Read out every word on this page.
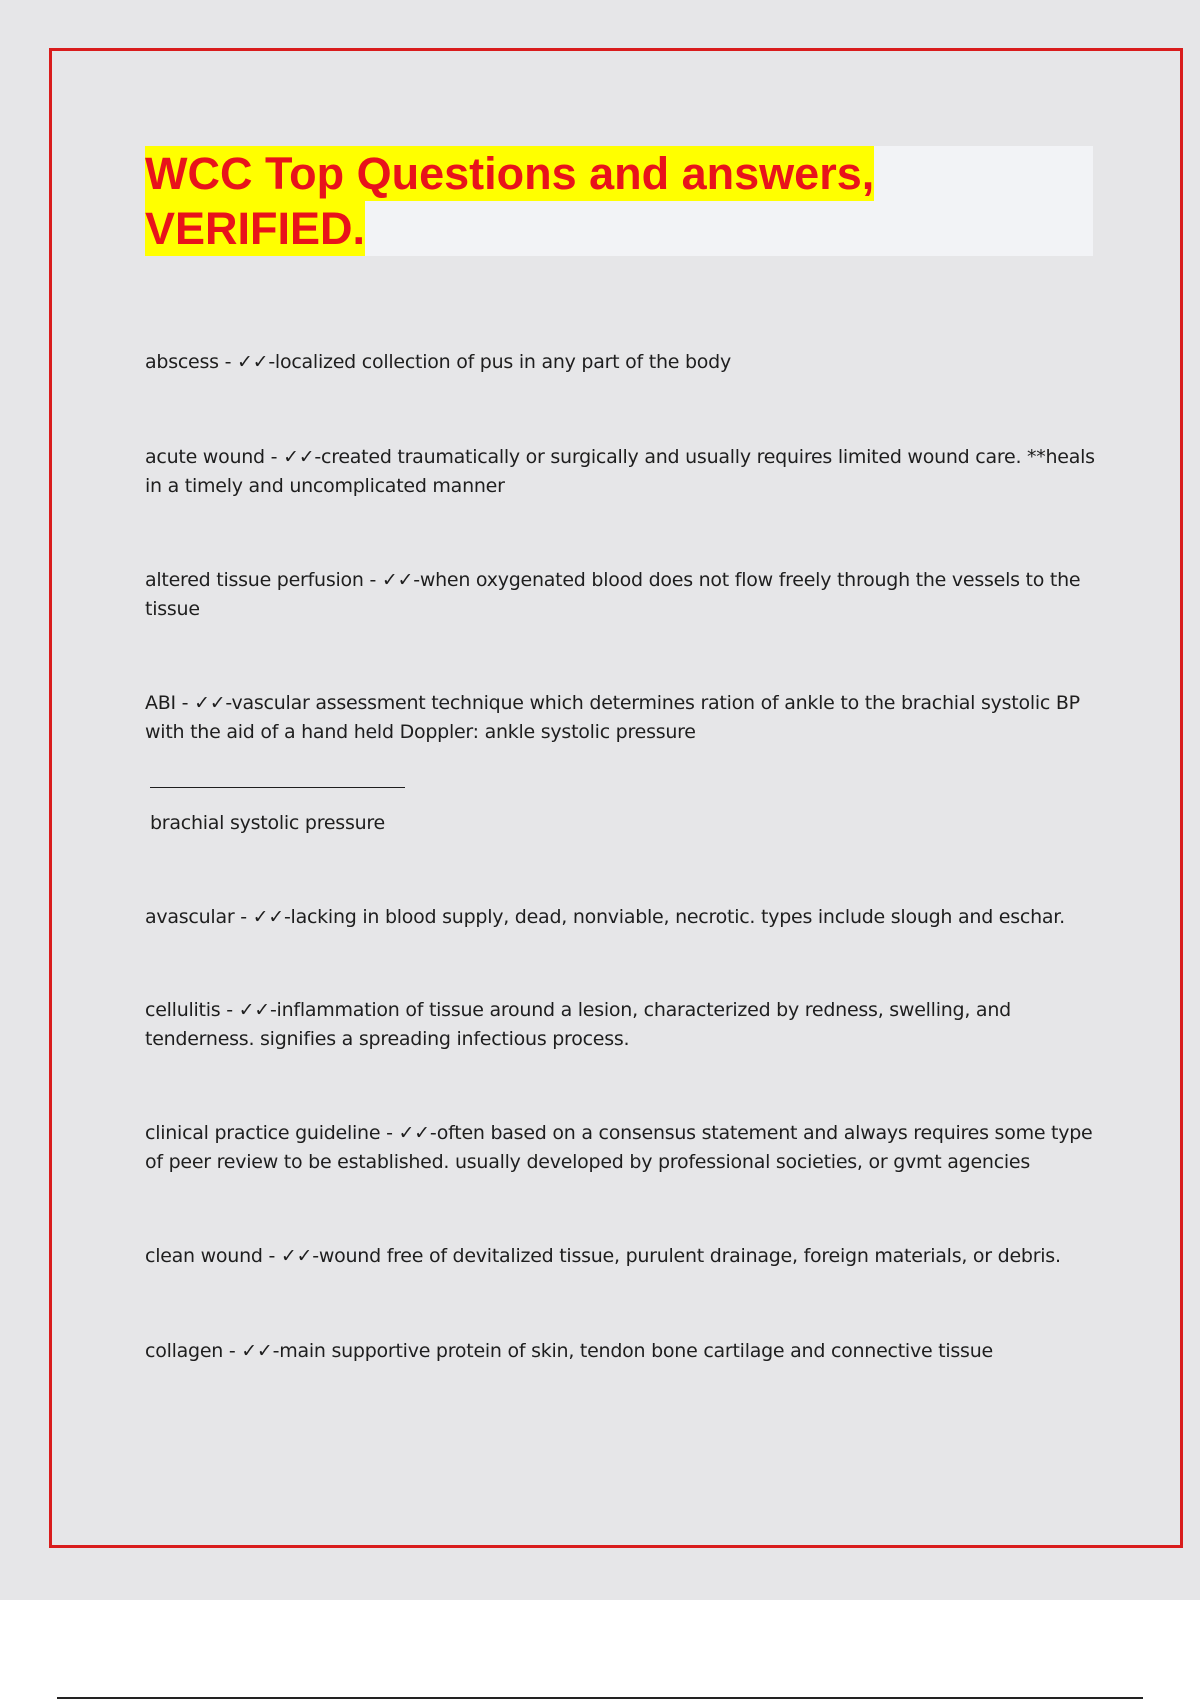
WCC Top Questions and answers,
VERIFIED.
abscess - ✓✓-localized collection of pus in any part of the body
acute wound - ✓✓-created traumatically or surgically and usually requires limited wound care. **heals in a timely and uncomplicated manner
altered tissue perfusion - ✓✓-when oxygenated blood does not flow freely through the vessels to the tissue
ABI - ✓✓-vascular assessment technique which determines ration of ankle to the brachial systolic BP with the aid of a hand held Doppler: ankle systolic pressure
brachial systolic pressure
avascular - ✓✓-lacking in blood supply, dead, nonviable, necrotic. types include slough and eschar.
cellulitis - ✓✓-inflammation of tissue around a lesion, characterized by redness, swelling, and tenderness. signifies a spreading infectious process.
clinical practice guideline - ✓✓-often based on a consensus statement and always requires some type of peer review to be established. usually developed by professional societies, or gvmt agencies
clean wound - ✓✓-wound free of devitalized tissue, purulent drainage, foreign materials, or debris.
collagen - ✓✓-main supportive protein of skin, tendon bone cartilage and connective tissue
